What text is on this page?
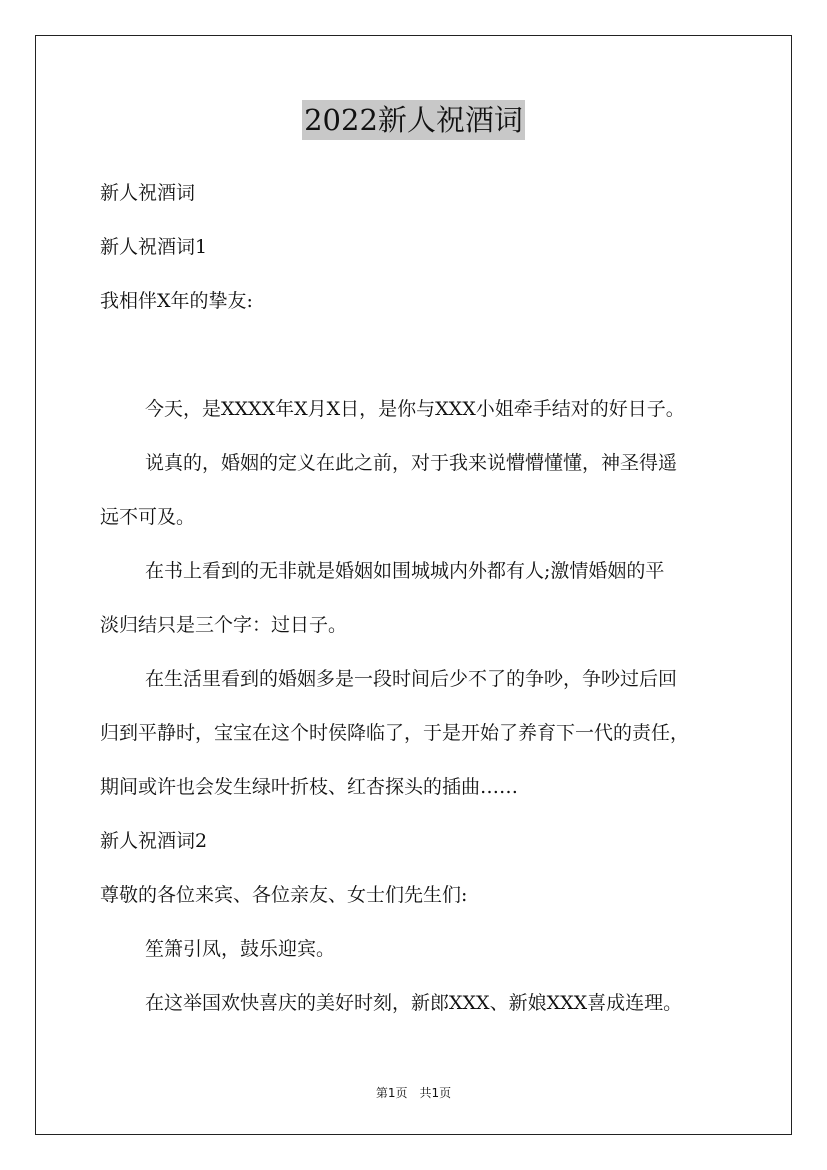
2022新人祝酒词
新人祝酒词
新人祝酒词1
我相伴X年的挚友:
今天，是XXXX年X月X日，是你与XXX小姐牵手结对的好日子。
说真的，婚姻的定义在此之前，对于我来说懵懵懂懂，神圣得遥
远不可及。
在书上看到的无非就是婚姻如围城城内外都有人;激情婚姻的平
淡归结只是三个字：过日子。
在生活里看到的婚姻多是一段时间后少不了的争吵，争吵过后回
归到平静时，宝宝在这个时侯降临了，于是开始了养育下一代的责任，
期间或许也会发生绿叶折枝、红杏探头的插曲……
新人祝酒词2
尊敬的各位来宾、各位亲友、女士们先生们:
笙箫引凤，鼓乐迎宾。
在这举国欢快喜庆的美好时刻，新郎XXX、新娘XXX喜成连理。
第1页 共1页
